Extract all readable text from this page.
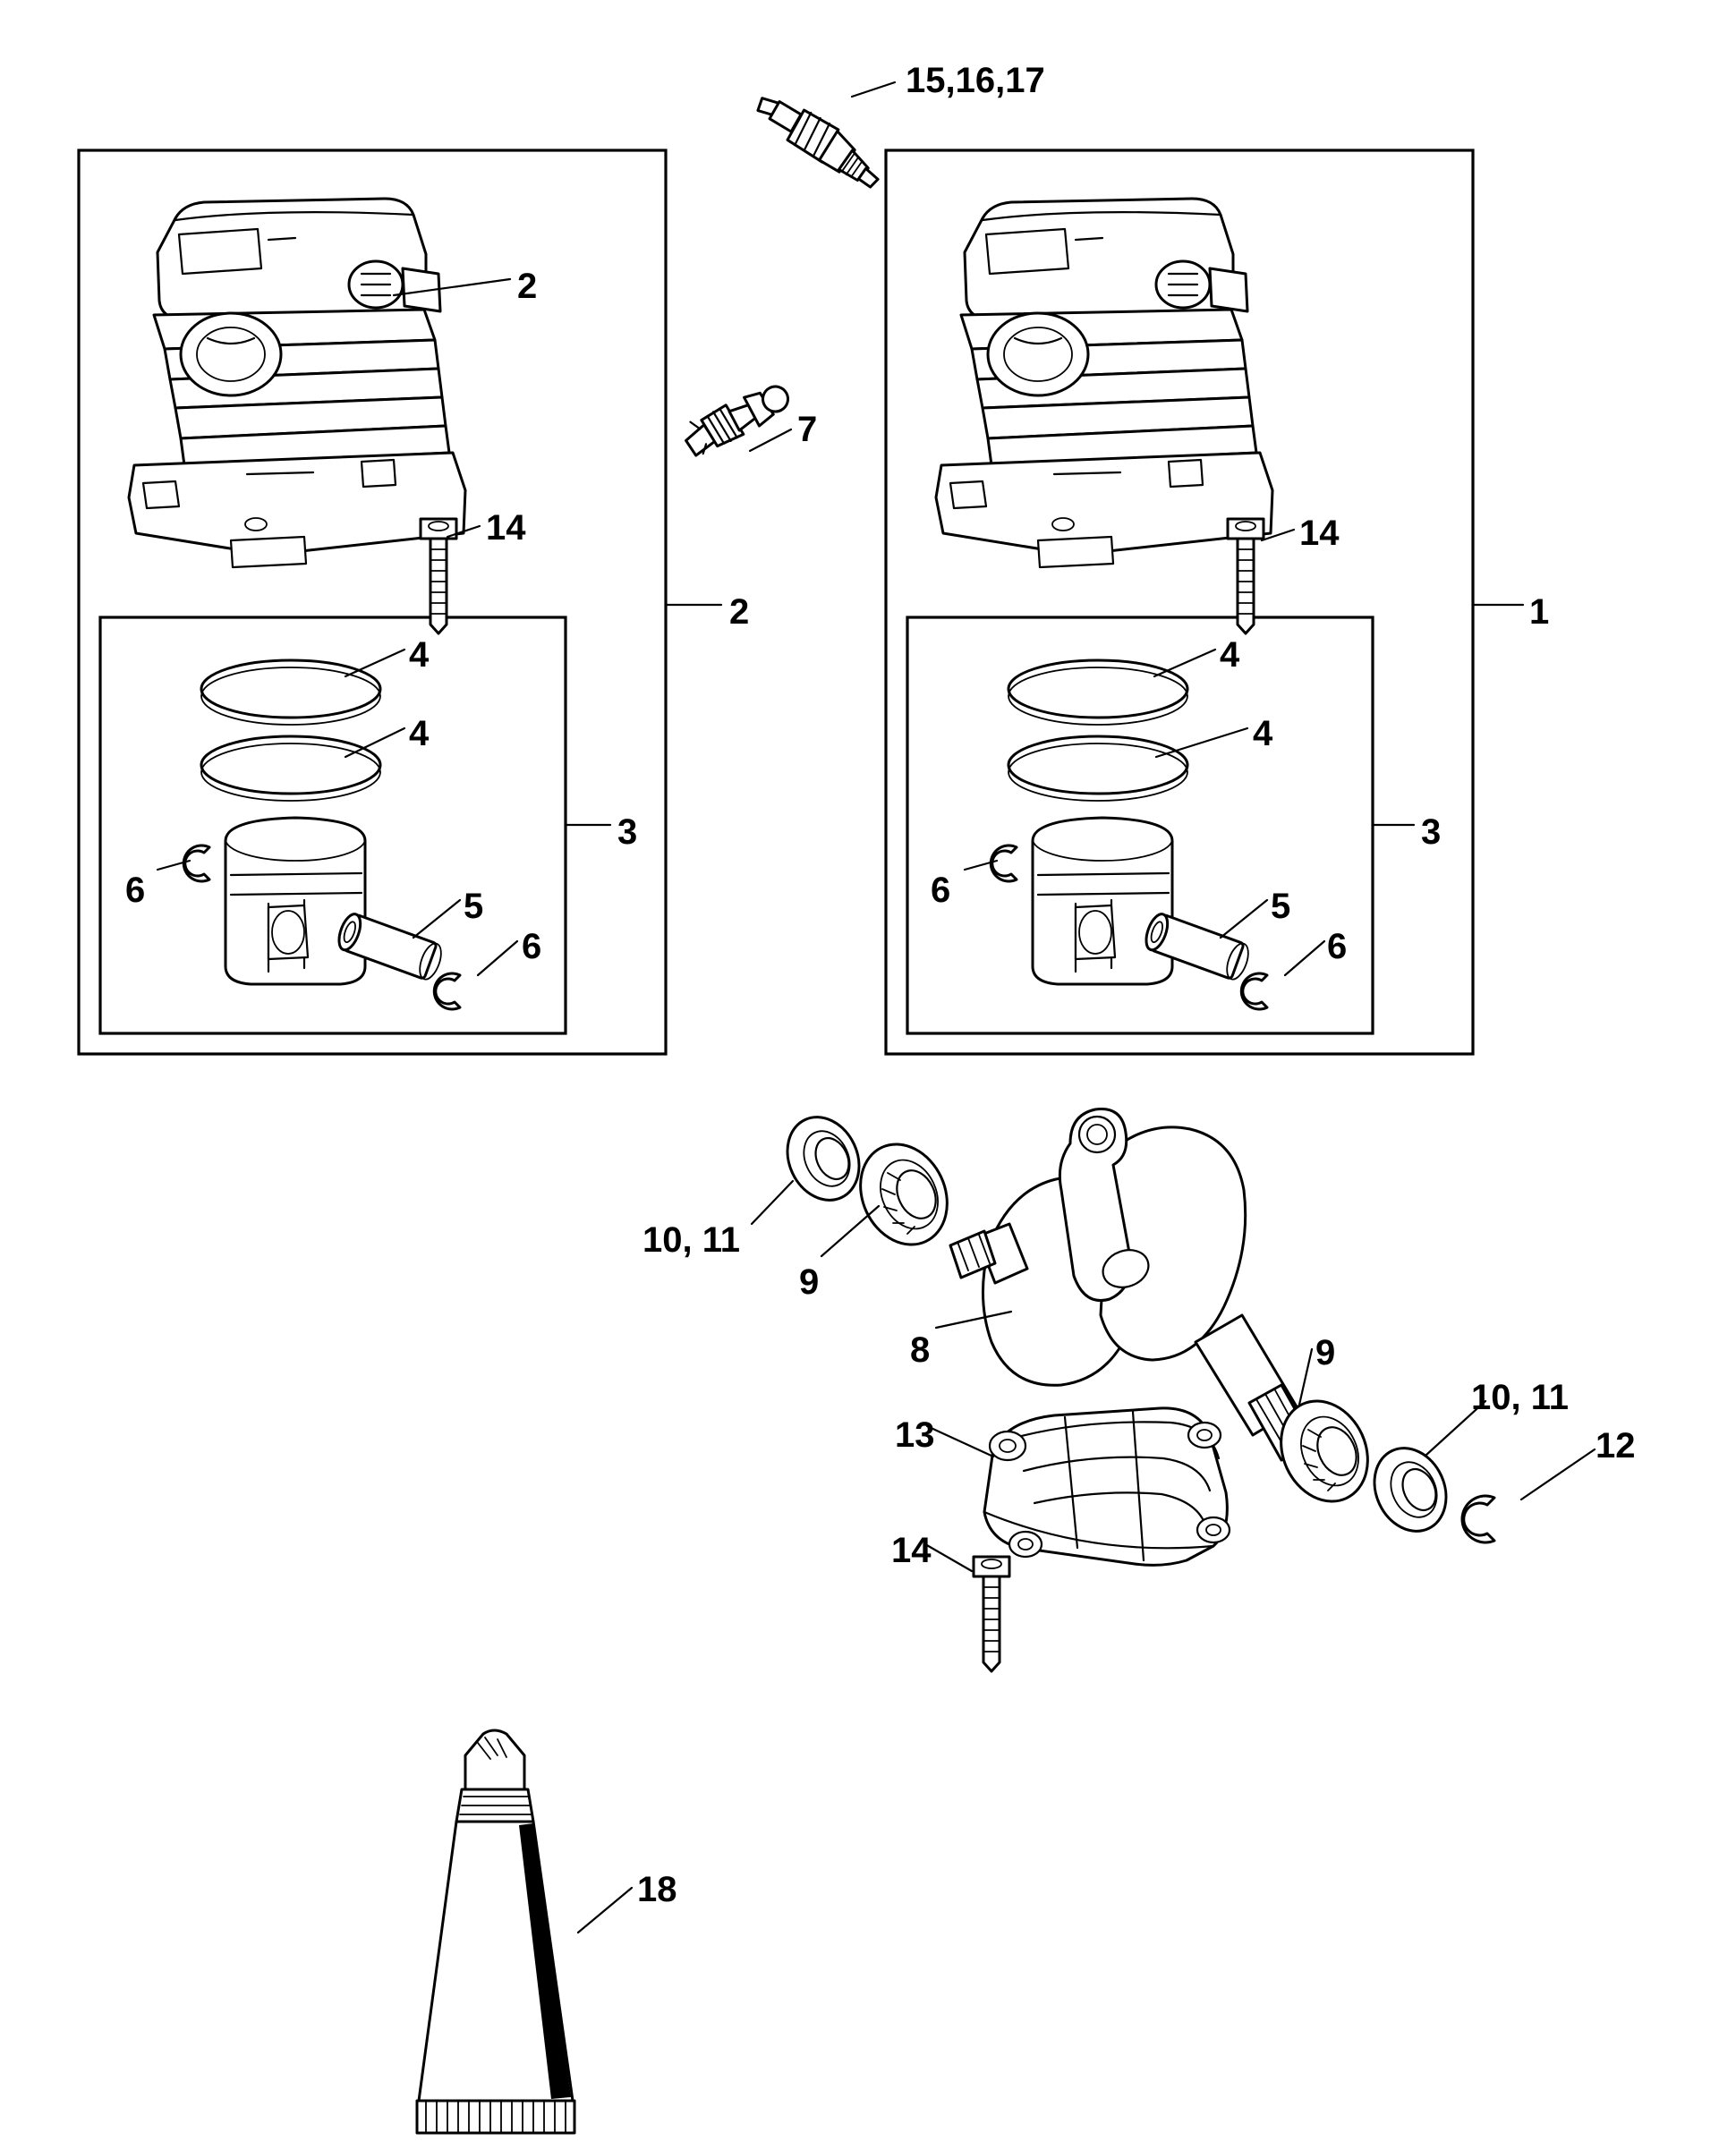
15,16,17
2
7
14	14
2	1
4	4
4	4
3	3
6	6
5	5
6	6
10, 11
9
8	9
10, 11
13	12
14
18
